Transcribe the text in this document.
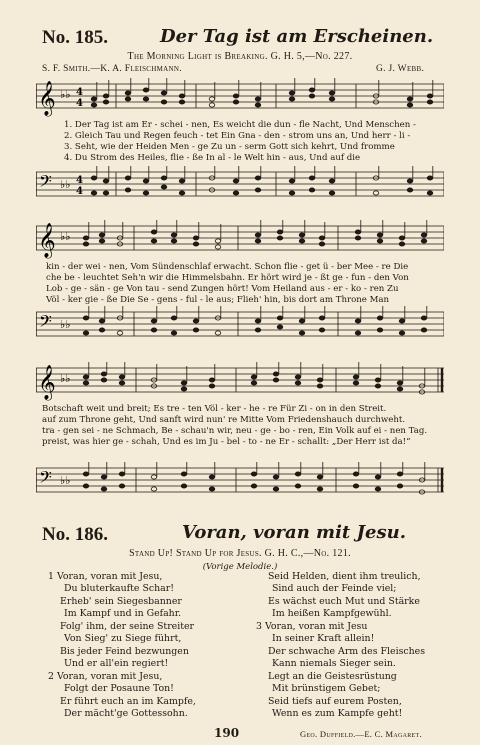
No. 185.	Der Tag ist am Erscheinen.
The Morning Light is Breaking. G. H. 5,—No. 227.
S. F. Smith.—K. A. Fleischmann.	G. J. Webb.
𝄞 ♭♭ 4
4
1. Der Tag ist am Er - schei - nen, Es weicht die dun - fle Nacht, Und Menschen -
2. Gleich Tau und Regen feuch - tet Ein Gna - den - strom uns an, Und herr - li -
3. Seht, wie der Heiden Men - ge Zu un - serm Gott sich kehrt, Und fromme
4. Du Strom des Heiles, flie - ße In al - le Welt hin - aus, Und auf die
𝄢 ♭♭ 4
4
𝄞 ♭♭
kin - der wei - nen, Vom Sündenschlaf erwacht. Schon flie - get ü - ber Mee - re Die
che be - leuchtet Seh'n wir die Himmelsbahn. Er hört wird je - ßt ge - fun - den Von
Lob - ge - sän - ge Von tau - send Zungen hört! Vom Heiland aus - er - ko - ren Zu
Völ - ker gie - ße Die Se - gens - ful - le aus; Flieh' hin, bis dort am Throne Man
𝄢 ♭♭
𝄞 ♭♭
Botschaft weit und breit; Es tre - ten Völ - ker - he - re Für Zi - on in den Streit.
auf zum Throne geht, Und sanft wird nun' re Mitte Vom Friedenshauch durchweht.
tra - gen sei - ne Schmach, Be - schau'n wir, neu - ge - bo - ren, Ein Volk auf ei - nen Tag.
preist, was hier ge - schah, Und es im Ju - bel - to - ne Er - schallt: „Der Herr ist da!“
𝄢 ♭♭
No. 186.	Voran, voran mit Jesu.
Stand Up! Stand Up for Jesus. G. H. C.,—No. 121.
(Vorige Melodie.)
1 Voran, voran mit Jesu,
Du bluterkaufte Schar!
Erheb' sein Siegesbanner
Im Kampf und in Gefahr.
Folg' ihm, der seine Streiter
Von Sieg' zu Siege führt,
Bis jeder Feind bezwungen
Und er all'ein regiert!
2 Voran, voran mit Jesu,
Folgt der Posaune Ton!
Er führt euch an im Kampfe,
Der mächt'ge Gottessohn.
Seid Helden, dient ihm treulich,
Sind auch der Feinde viel;
Es wächst euch Mut und Stärke
Im heißen Kampfgewühl.
3 Voran, voran mit Jesu
In seiner Kraft allein!
Der schwache Arm des Fleisches
Kann niemals Sieger sein.
Legt an die Geistesrüstung
Mit brünstigem Gebet;
Seid tiefs auf eurem Posten,
Wenn es zum Kampfe geht!
190	Geo. Duffield.—E. C. Magaret.
